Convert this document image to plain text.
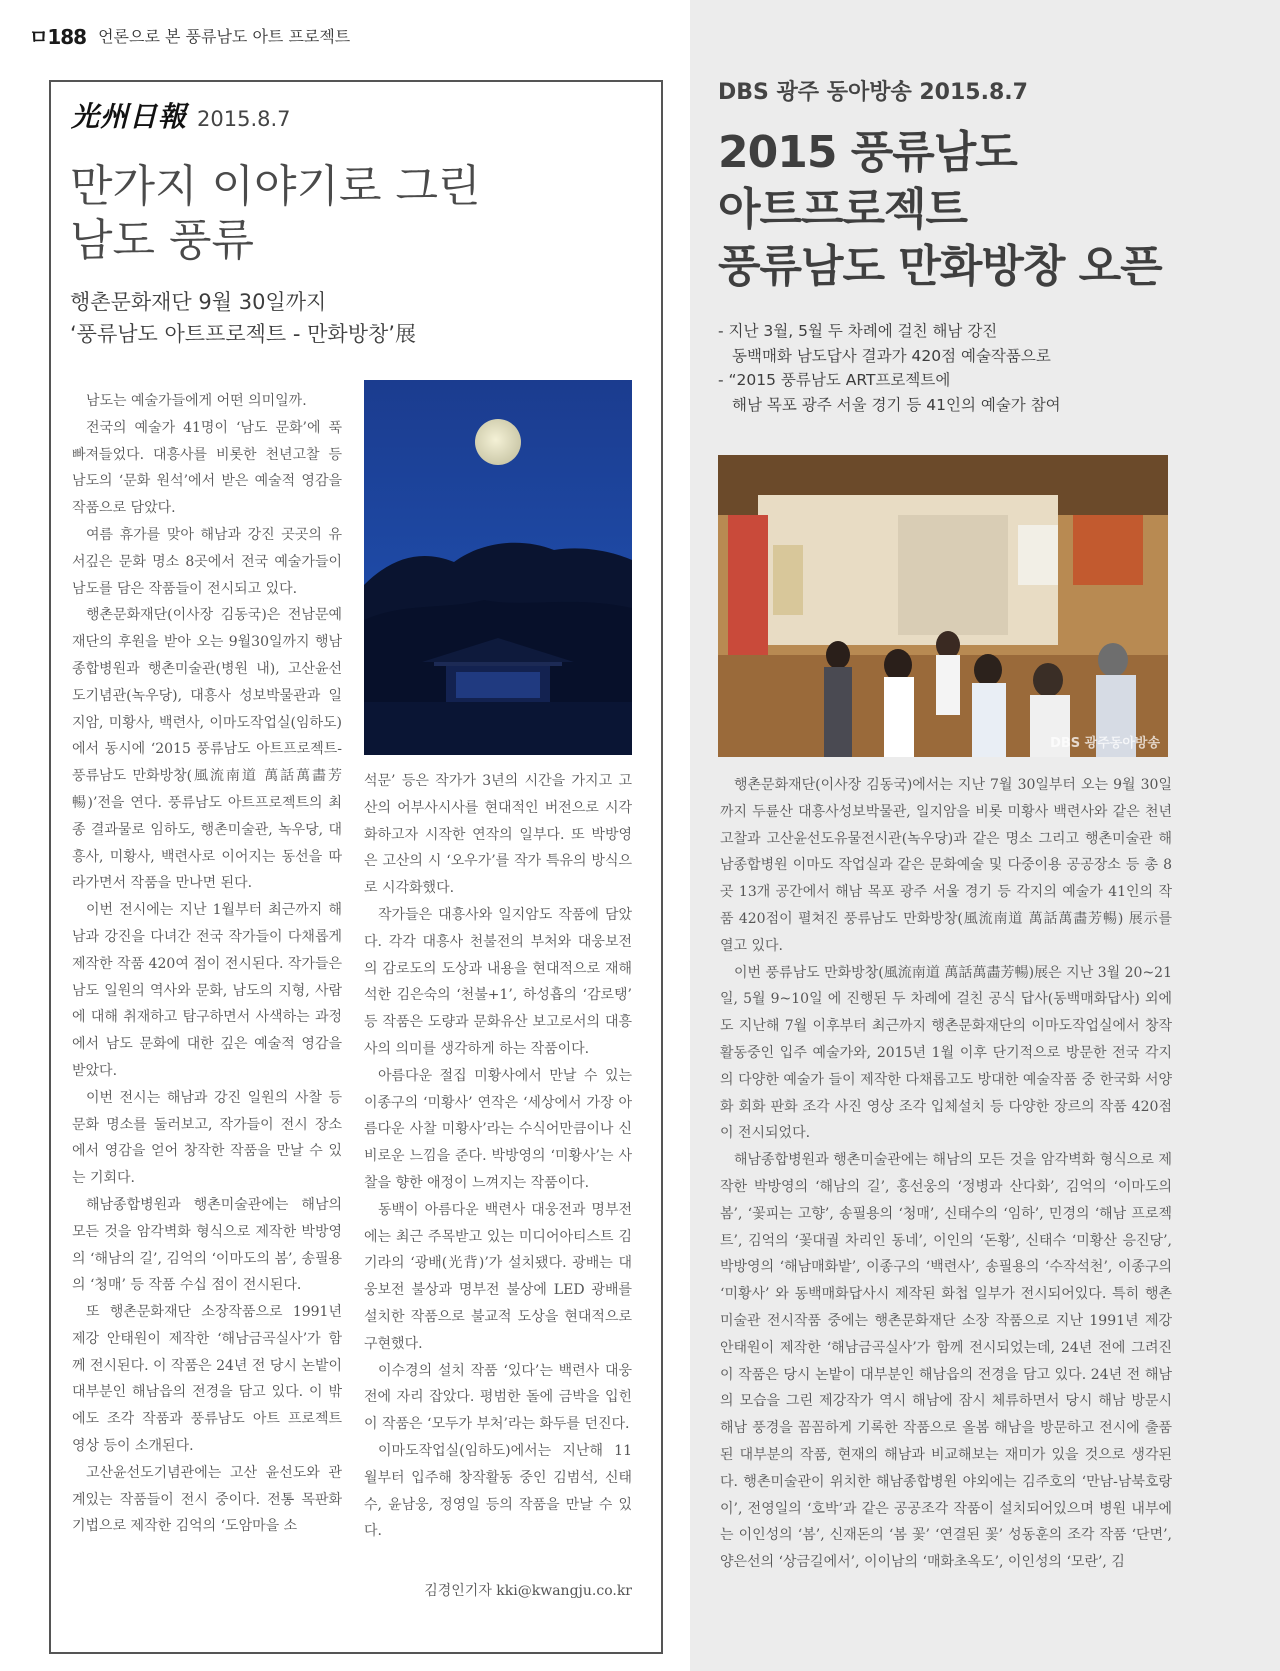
ㅁ188 언론으로 본 풍류남도 아트 프로젝트
光州日報 2015.8.7
만가지 이야기로 그린
남도 풍류
행촌문화재단 9월 30일까지
‘풍류남도 아트프로젝트 - 만화방창’展

남도는 예술가들에게 어떤 의미일까.

전국의 예술가 41명이 ‘남도 문화’에 푹 빠져들었다. 대흥사를 비롯한 천년고찰 등 남도의 ‘문화 원석’에서 받은 예술적 영감을 작품으로 담았다.

여름 휴가를 맞아 해남과 강진 곳곳의 유서깊은 문화 명소 8곳에서 전국 예술가들이 남도를 담은 작품들이 전시되고 있다.

행촌문화재단(이사장 김동국)은 전남문예재단의 후원을 받아 오는 9월30일까지 행남종합병원과 행촌미술관(병원 내), 고산윤선도기념관(녹우당), 대흥사 성보박물관과 일지암, 미황사, 백련사, 이마도작업실(임하도)에서 동시에 ‘2015 풍류남도 아트프로젝트-풍류남도 만화방창(風流南道 萬話萬畵芳暢)’전을 연다. 풍류남도 아트프로젝트의 최종 결과물로 임하도, 행촌미술관, 녹우당, 대흥사, 미황사, 백련사로 이어지는 동선을 따라가면서 작품을 만나면 된다.

이번 전시에는 지난 1월부터 최근까지 해남과 강진을 다녀간 전국 작가들이 다채롭게 제작한 작품 420여 점이 전시된다. 작가들은 남도 일원의 역사와 문화, 남도의 지형, 사람에 대해 취재하고 탐구하면서 사색하는 과정에서 남도 문화에 대한 깊은 예술적 영감을 받았다.

이번 전시는 해남과 강진 일원의 사찰 등 문화 명소를 둘러보고, 작가들이 전시 장소에서 영감을 얻어 창작한 작품을 만날 수 있는 기회다.

해남종합병원과 행촌미술관에는 해남의 모든 것을 암각벽화 형식으로 제작한 박방영의 ‘해남의 길’, 김억의 ‘이마도의 봄’, 송필용의 ‘청매’ 등 작품 수십 점이 전시된다.

또 행촌문화재단 소장작품으로 1991년 제강 안태원이 제작한 ‘해남금곡실사’가 함께 전시된다. 이 작품은 24년 전 당시 논밭이 대부분인 해남읍의 전경을 담고 있다. 이 밖에도 조각 작품과 풍류남도 아트 프로젝트 영상 등이 소개된다.

고산윤선도기념관에는 고산 윤선도와 관계있는 작품들이 전시 중이다. 전통 목판화기법으로 제작한 김억의 ‘도암마을 소

석문’ 등은 작가가 3년의 시간을 가지고 고산의 어부사시사를 현대적인 버전으로 시각화하고자 시작한 연작의 일부다. 또 박방영은 고산의 시 ‘오우가’를 작가 특유의 방식으로 시각화했다.

작가들은 대흥사와 일지암도 작품에 담았다. 각각 대흥사 천불전의 부처와 대웅보전의 감로도의 도상과 내용을 현대적으로 재해석한 김은숙의 ‘천불+1’, 하성흡의 ‘감로탱’ 등 작품은 도량과 문화유산 보고로서의 대흥사의 의미를 생각하게 하는 작품이다.

아름다운 절집 미황사에서 만날 수 있는 이종구의 ‘미황사’ 연작은 ‘세상에서 가장 아름다운 사찰 미황사’라는 수식어만큼이나 신비로운 느낌을 준다. 박방영의 ‘미황사’는 사찰을 향한 애정이 느껴지는 작품이다.

동백이 아름다운 백련사 대웅전과 명부전에는 최근 주목받고 있는 미디어아티스트 김기라의 ‘광배(光背)’가 설치됐다. 광배는 대웅보전 불상과 명부전 불상에 LED 광배를 설치한 작품으로 불교적 도상을 현대적으로 구현했다.

이수경의 설치 작품 ‘있다’는 백련사 대웅전에 자리 잡았다. 평범한 돌에 금박을 입힌 이 작품은 ‘모두가 부처’라는 화두를 던진다.

이마도작업실(임하도)에서는 지난해 11월부터 입주해 창작활동 중인 김범석, 신태수, 윤남웅, 정영일 등의 작품을 만날 수 있다.

김경인기자 kki@kwangju.co.kr
DBS 광주 동아방송 2015.8.7
2015 풍류남도
아트프로젝트
풍류남도 만화방창 오픈
- 지난 3월, 5월 두 차례에 걸친 해남 강진
동백매화 남도답사 결과가 420점 예술작품으로
- “2015 풍류남도 ART프로젝트에
해남 목포 광주 서울 경기 등 41인의 예술가 참여
DBS 광주동아방송

행촌문화재단(이사장 김동국)에서는 지난 7월 30일부터 오는 9월 30일까지 두륜산 대흥사성보박물관, 일지암을 비롯 미황사 백련사와 같은 천년고찰과 고산윤선도유물전시관(녹우당)과 같은 명소 그리고 행촌미술관 해남종합병원 이마도 작업실과 같은 문화예술 및 다중이용 공공장소 등 총 8곳 13개 공간에서 해남 목포 광주 서울 경기 등 각지의 예술가 41인의 작품 420점이 펼쳐진 풍류남도 만화방창(風流南道 萬話萬畵芳暢) 展示를 열고 있다.

이번 풍류남도 만화방창(風流南道 萬話萬畵芳暢)展은 지난 3월 20~21일, 5월 9~10일 에 진행된 두 차례에 걸친 공식 답사(동백매화답사) 외에도 지난해 7월 이후부터 최근까지 행촌문화재단의 이마도작업실에서 창작활동중인 입주 예술가와, 2015년 1월 이후 단기적으로 방문한 전국 각지의 다양한 예술가 들이 제작한 다채롭고도 방대한 예술작품 중 한국화 서양화 회화 판화 조각 사진 영상 조각 입체설치 등 다양한 장르의 작품 420점이 전시되었다.

해남종합병원과 행촌미술관에는 해남의 모든 것을 암각벽화 형식으로 제작한 박방영의 ‘해남의 길’, 홍선웅의 ‘정병과 산다화’, 김억의 ‘이마도의 봄’, ‘꽃피는 고향’, 송필용의 ‘청매’, 신태수의 ‘임하’, 민경의 ‘해남 프로젝트’, 김억의 ‘꽃대궐 차리인 동네’, 이인의 ‘돈황’, 신태수 ‘미황산 응진당’, 박방영의 ‘해남매화밭’, 이종구의 ‘백련사’, 송필용의 ‘수작석천’, 이종구의 ‘미황사’ 와 동백매화답사시 제작된 화첩 일부가 전시되어있다. 특히 행촌미술관 전시작품 중에는 행촌문화재단 소장 작품으로 지난 1991년 제강 안태원이 제작한 ‘해남금곡실사’가 함께 전시되었는데, 24년 전에 그려진 이 작품은 당시 논밭이 대부분인 해남읍의 전경을 담고 있다. 24년 전 해남의 모습을 그린 제강작가 역시 해남에 잠시 체류하면서 당시 해남 방문시 해남 풍경을 꼼꼼하게 기록한 작품으로 올봄 해남을 방문하고 전시에 출품된 대부분의 작품, 현재의 해남과 비교해보는 재미가 있을 것으로 생각된다. 행촌미술관이 위치한 해남종합병원 야외에는 김주호의 ‘만남-남북호랑이’, 전영일의 ‘호박’과 같은 공공조각 작품이 설치되어있으며 병원 내부에는 이인성의 ‘봄’, 신재돈의 ‘봄 꽃’ ‘연결된 꽃’ 성동훈의 조각 작품 ‘단면’, 양은선의 ‘상금길에서’, 이이남의 ‘매화초옥도’, 이인성의 ‘모란’, 김
